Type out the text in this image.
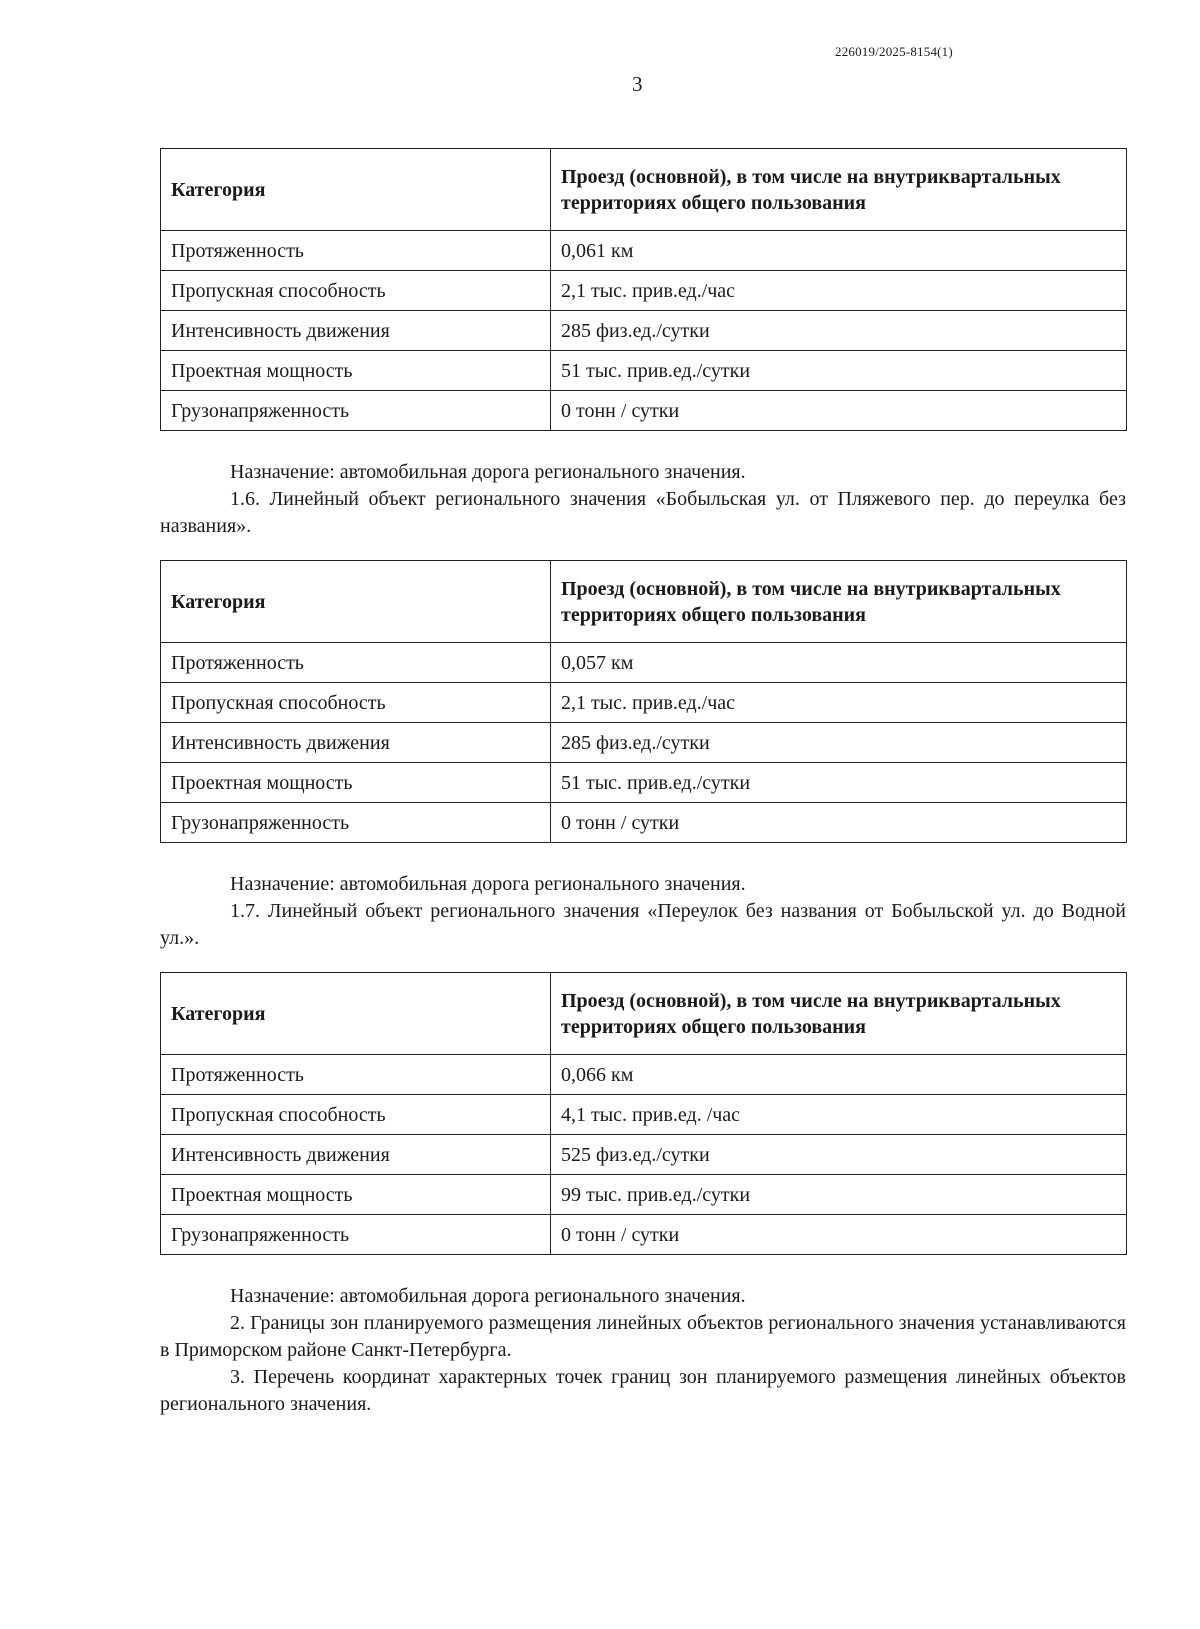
226019/2025-8154(1)
3
Категория	Проезд (основной), в том числе на внутриквартальных территориях общего пользования
Протяженность	0,061 км
Пропускная способность	2,1 тыс. прив.ед./час
Интенсивность движения	285 физ.ед./сутки
Проектная мощность	51 тыс. прив.ед./сутки
Грузонапряженность	0 тонн / сутки

Назначение: автомобильная дорога регионального значения.

1.6. Линейный объект регионального значения «Бобыльская ул. от Пляжевого пер. до переулка без названия».

Категория	Проезд (основной), в том числе на внутриквартальных территориях общего пользования
Протяженность	0,057 км
Пропускная способность	2,1 тыс. прив.ед./час
Интенсивность движения	285 физ.ед./сутки
Проектная мощность	51 тыс. прив.ед./сутки
Грузонапряженность	0 тонн / сутки

Назначение: автомобильная дорога регионального значения.

1.7. Линейный объект регионального значения «Переулок без названия от Бобыльской ул. до Водной ул.».

Категория	Проезд (основной), в том числе на внутриквартальных территориях общего пользования
Протяженность	0,066 км
Пропускная способность	4,1 тыс. прив.ед. /час
Интенсивность движения	525 физ.ед./сутки
Проектная мощность	99 тыс. прив.ед./сутки
Грузонапряженность	0 тонн / сутки

Назначение: автомобильная дорога регионального значения.

2. Границы зон планируемого размещения линейных объектов регионального значения устанавливаются в Приморском районе Санкт-Петербурга.

3. Перечень координат характерных точек границ зон планируемого размещения линейных объектов регионального значения.
